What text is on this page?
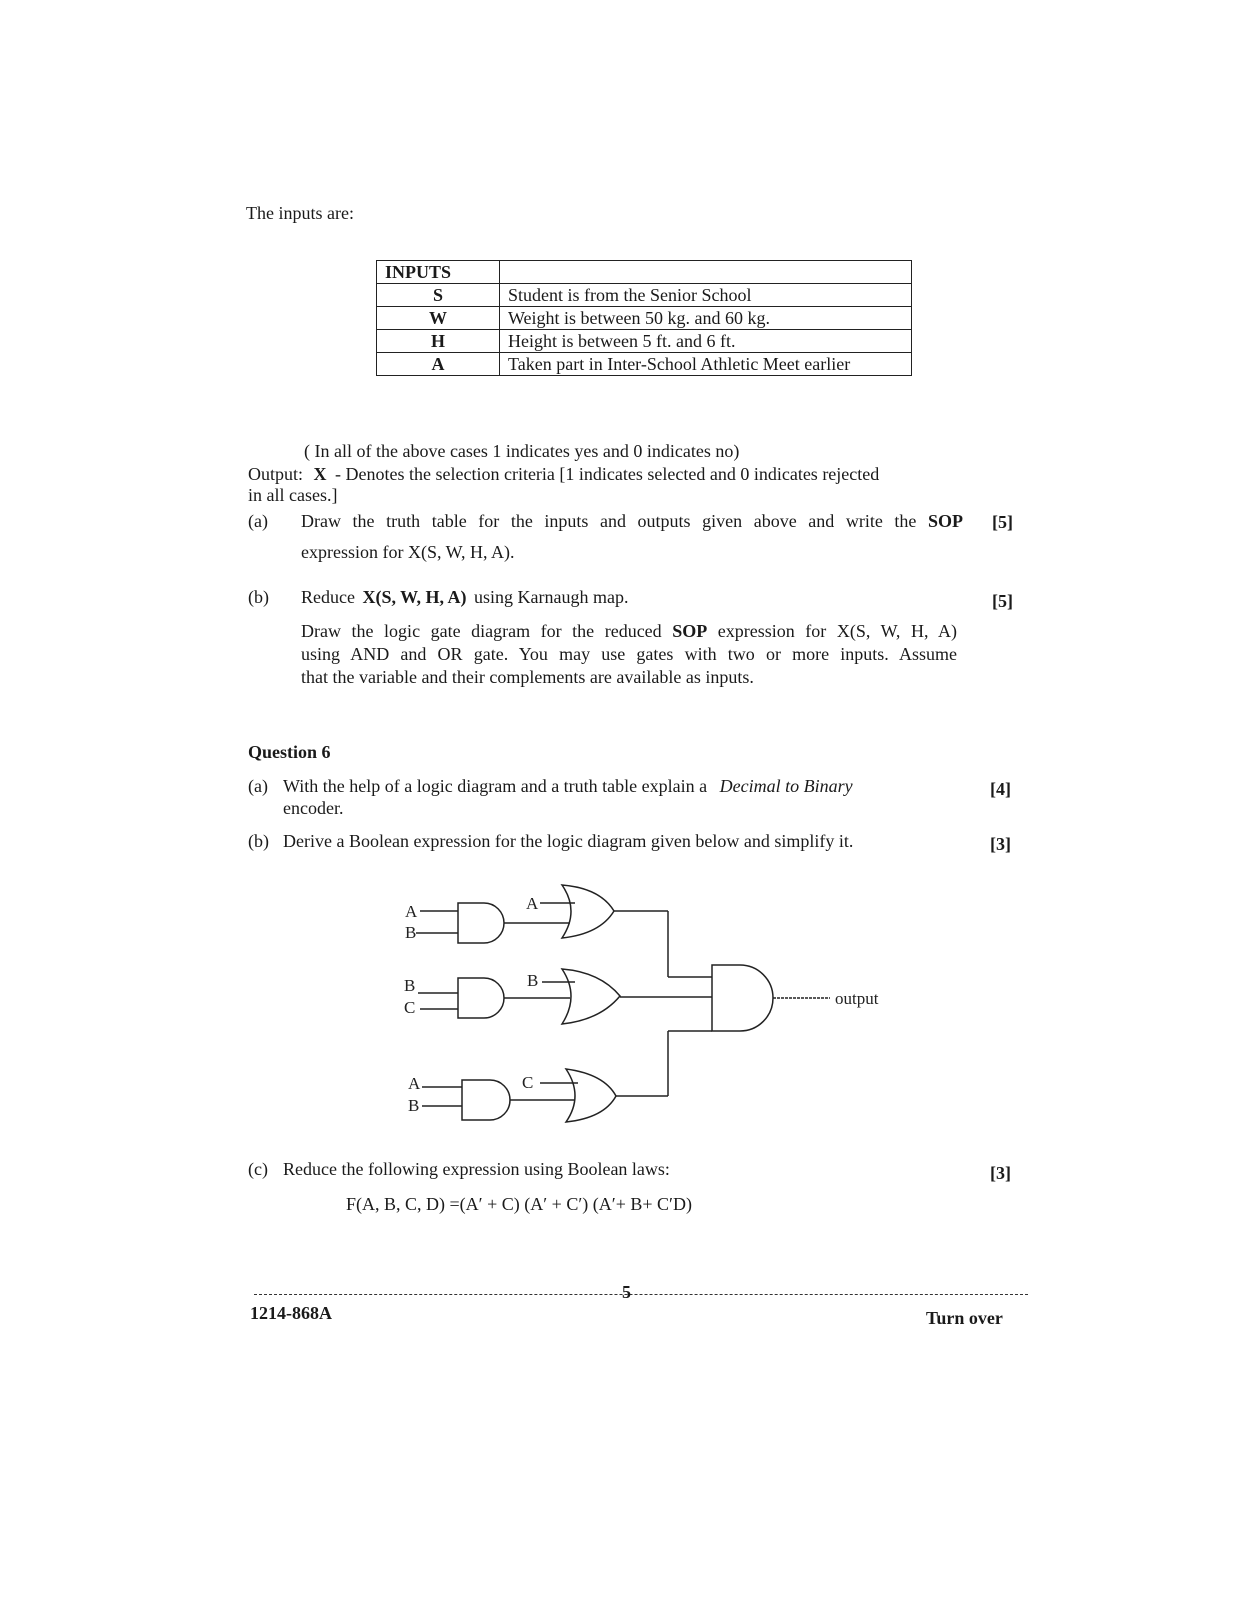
The inputs are:
INPUTS	
S	Student is from the Senior School
W	Weight is between 50 kg. and 60 kg.
H	Height is between 5 ft. and 6 ft.
A	Taken part in Inter-School Athletic Meet earlier
( In all of the above cases 1 indicates yes and 0 indicates no)
Output: X - Denotes the selection criteria [1 indicates selected and 0 indicates rejected
in all cases.]
(a) Draw the truth table for the inputs and outputs given above and write the SOP [5]
expression for X(S, W, H, A).
(b) Reduce X(S, W, H, A) using Karnaugh map.	[5]
Draw the logic gate diagram for the reduced SOP expression for X(S, W, H, A)
using AND and OR gate. You may use gates with two or more inputs. Assume
that the variable and their complements are available as inputs.
Question 6
(a) With the help of a logic diagram and a truth table explain a Decimal to Binary	[4]
encoder.
(b) Derive a Boolean expression for the logic diagram given below and simplify it.	[3]
A
B
A
B
C
B
A
B
C
output
(c) Reduce the following expression using Boolean laws:	[3]
F(A, B, C, D) =(A′ + C) (A′ + C′) (A′+ B+ C′D)
5
1214-868A	Turn over
